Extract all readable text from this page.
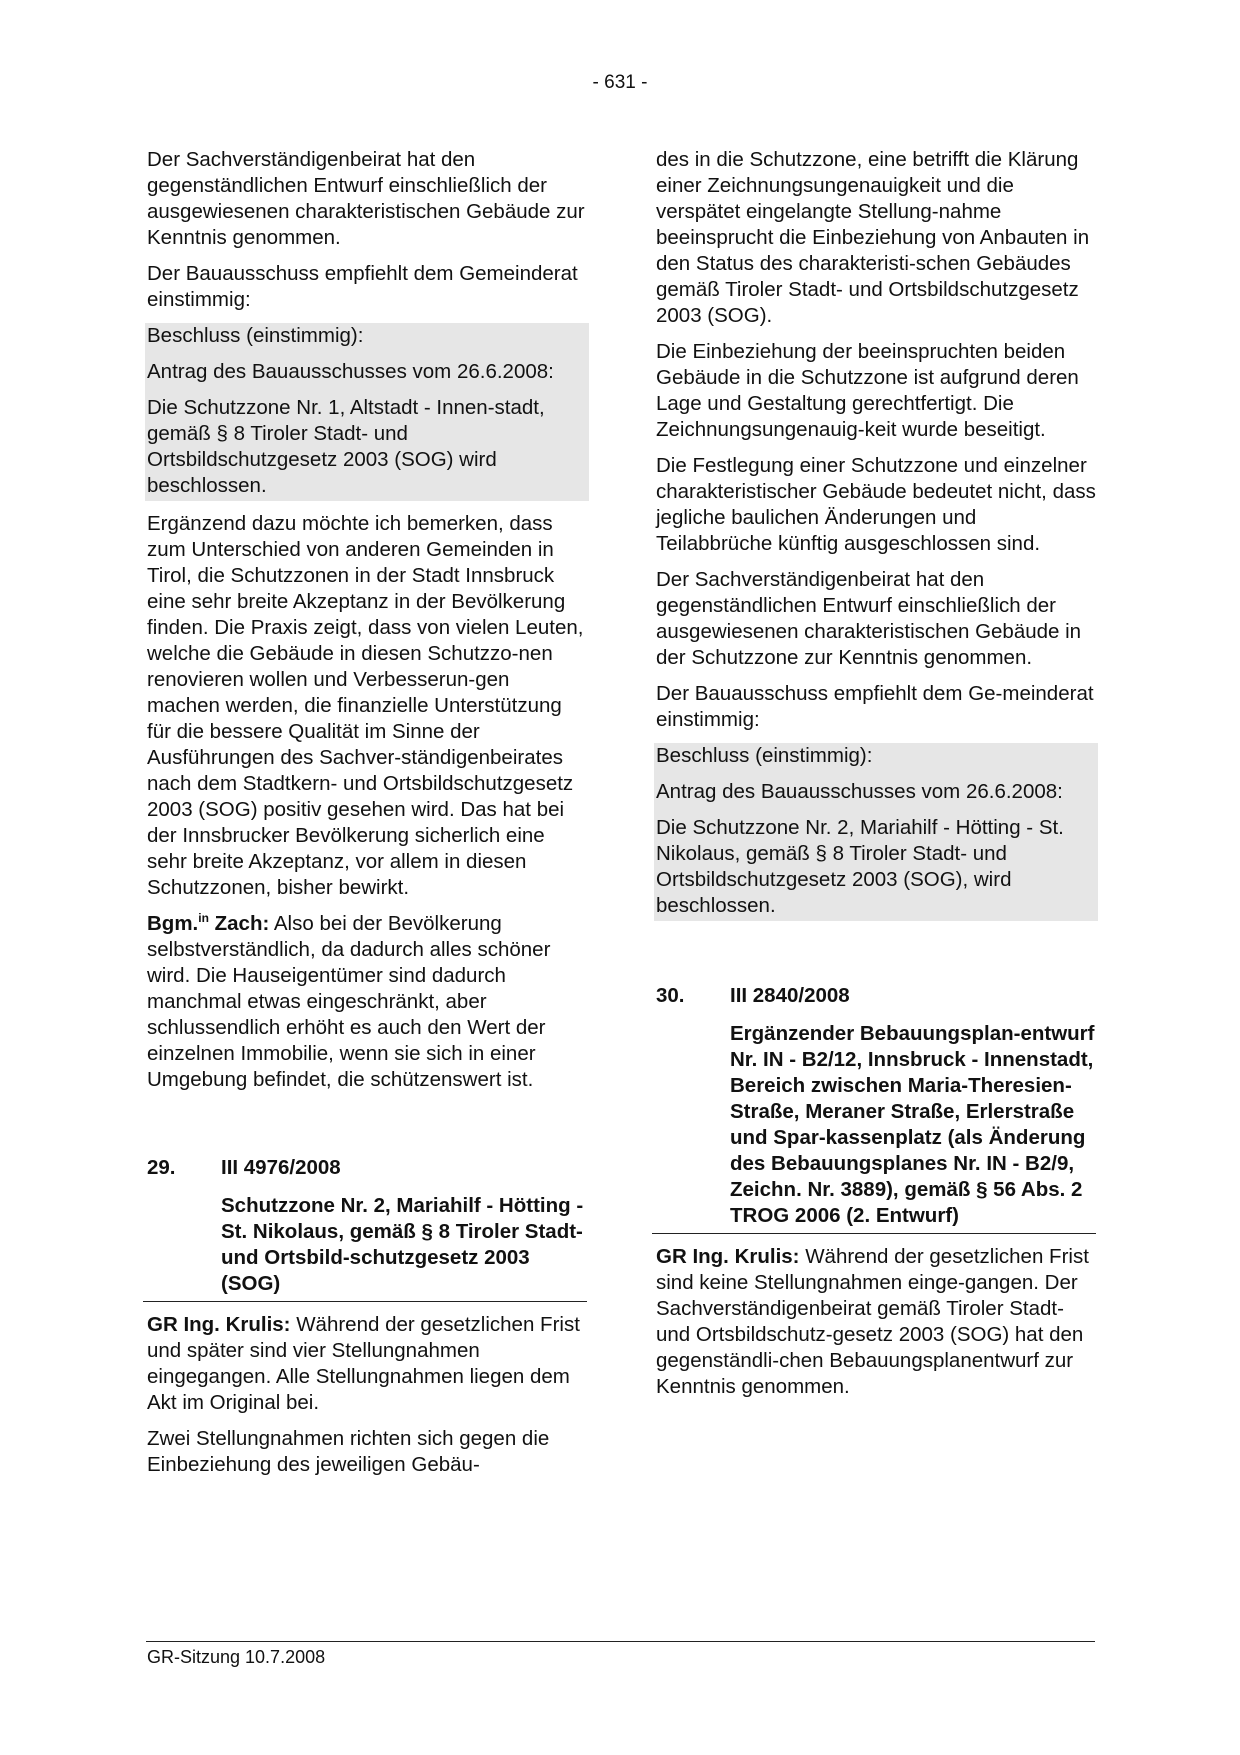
- 631 -

Der Sachverständigenbeirat hat den gegenständlichen Entwurf einschließlich der ausgewiesenen charakteristischen Gebäude zur Kenntnis genommen.

Der Bauausschuss empfiehlt dem Gemeinderat einstimmig:

Beschluss (einstimmig):

Antrag des Bauausschusses vom 26.6.2008:

Die Schutzzone Nr. 1, Altstadt - Innen-stadt, gemäß § 8 Tiroler Stadt- und Ortsbildschutzgesetz 2003 (SOG) wird beschlossen.

Ergänzend dazu möchte ich bemerken, dass zum Unterschied von anderen Gemeinden in Tirol, die Schutzzonen in der Stadt Innsbruck eine sehr breite Akzeptanz in der Bevölkerung finden. Die Praxis zeigt, dass von vielen Leuten, welche die Gebäude in diesen Schutzzo-nen renovieren wollen und Verbesserun-gen machen werden, die finanzielle Unterstützung für die bessere Qualität im Sinne der Ausführungen des Sachver-ständigenbeirates nach dem Stadtkern- und Ortsbildschutzgesetz 2003 (SOG) positiv gesehen wird. Das hat bei der Innsbrucker Bevölkerung sicherlich eine sehr breite Akzeptanz, vor allem in diesen Schutzzonen, bisher bewirkt.

Bgm.$^{in}$ Zach: Also bei der Bevölkerung selbstverständlich, da dadurch alles schöner wird. Die Hauseigentümer sind dadurch manchmal etwas eingeschränkt, aber schlussendlich erhöht es auch den Wert der einzelnen Immobilie, wenn sie sich in einer Umgebung befindet, die schützenswert ist.

29.	III 4976/2008
Schutzzone Nr. 2, Mariahilf - Hötting - St. Nikolaus, gemäß § 8 Tiroler Stadt- und Ortsbild-schutzgesetz 2003 (SOG)

GR Ing. Krulis: Während der gesetzlichen Frist und später sind vier Stellungnahmen eingegangen. Alle Stellungnahmen liegen dem Akt im Original bei.

Zwei Stellungnahmen richten sich gegen die Einbeziehung des jeweiligen Gebäu-

des in die Schutzzone, eine betrifft die Klärung einer Zeichnungsungenauigkeit und die verspätet eingelangte Stellung-nahme beeinsprucht die Einbeziehung von Anbauten in den Status des charakteristi-schen Gebäudes gemäß Tiroler Stadt- und Ortsbildschutzgesetz 2003 (SOG).

Die Einbeziehung der beeinspruchten beiden Gebäude in die Schutzzone ist aufgrund deren Lage und Gestaltung gerechtfertigt. Die Zeichnungsungenauig-keit wurde beseitigt.

Die Festlegung einer Schutzzone und einzelner charakteristischer Gebäude bedeutet nicht, dass jegliche baulichen Änderungen und Teilabbrüche künftig ausgeschlossen sind.

Der Sachverständigenbeirat hat den gegenständlichen Entwurf einschließlich der ausgewiesenen charakteristischen Gebäude in der Schutzzone zur Kenntnis genommen.

Der Bauausschuss empfiehlt dem Ge-meinderat einstimmig:

Beschluss (einstimmig):

Antrag des Bauausschusses vom 26.6.2008:

Die Schutzzone Nr. 2, Mariahilf - Hötting - St. Nikolaus, gemäß § 8 Tiroler Stadt- und Ortsbildschutzgesetz 2003 (SOG), wird beschlossen.

30.	III 2840/2008
Ergänzender Bebauungsplan-entwurf Nr. IN - B2/12, Innsbruck - Innenstadt, Bereich zwischen Maria-Theresien-Straße, Meraner Straße, Erlerstraße und Spar-kassenplatz (als Änderung des Bebauungsplanes Nr. IN - B2/9, Zeichn. Nr. 3889), gemäß § 56 Abs. 2 TROG 2006 (2. Entwurf)

GR Ing. Krulis: Während der gesetzlichen Frist sind keine Stellungnahmen einge-gangen. Der Sachverständigenbeirat gemäß Tiroler Stadt- und Ortsbildschutz-gesetz 2003 (SOG) hat den gegenständli-chen Bebauungsplanentwurf zur Kenntnis genommen.

GR-Sitzung 10.7.2008
